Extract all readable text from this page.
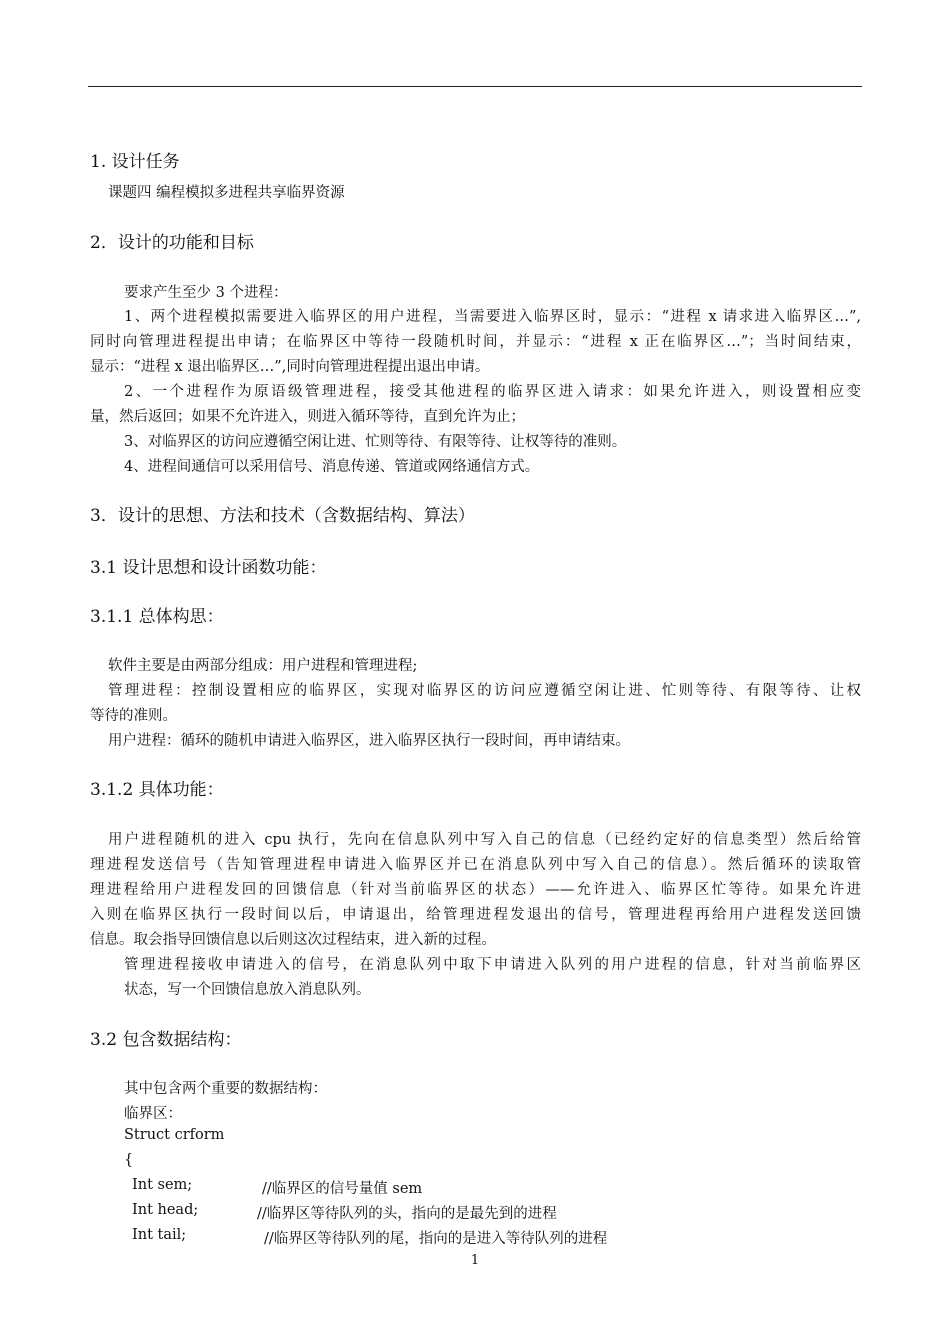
1. 设计任务
课题四 编程模拟多进程共享临界资源
2．设计的功能和目标
要求产生至少 3 个进程：
1、两个进程模拟需要进入临界区的用户进程，当需要进入临界区时，显示：“进程 x 请求进入临界区…”,
同时向管理进程提出申请；在临界区中等待一段随机时间，并显示：“进程 x 正在临界区…”；当时间结束，
显示：“进程 x 退出临界区…”,同时向管理进程提出退出申请。
2、一个进程作为原语级管理进程，接受其他进程的临界区进入请求：如果允许进入，则设置相应变
量，然后返回；如果不允许进入，则进入循环等待，直到允许为止；
3、对临界区的访问应遵循空闲让进、忙则等待、有限等待、让权等待的准则。
4、进程间通信可以采用信号、消息传递、管道或网络通信方式。
3．设计的思想、方法和技术（含数据结构、算法）
3.1 设计思想和设计函数功能：
3.1.1 总体构思：
软件主要是由两部分组成：用户进程和管理进程;
管理进程：控制设置相应的临界区，实现对临界区的访问应遵循空闲让进、忙则等待、有限等待、让权
等待的准则。
用户进程：循环的随机申请进入临界区，进入临界区执行一段时间，再申请结束。
3.1.2 具体功能：
用户进程随机的进入 cpu 执行，先向在信息队列中写入自己的信息（已经约定好的信息类型）然后给管
理进程发送信号（告知管理进程申请进入临界区并已在消息队列中写入自己的信息）。然后循环的读取管
理进程给用户进程发回的回馈信息（针对当前临界区的状态）——允许进入、临界区忙等待。如果允许进
入则在临界区执行一段时间以后，申请退出，给管理进程发退出的信号，管理进程再给用户进程发送回馈
信息。取会指导回馈信息以后则这次过程结束，进入新的过程。
管理进程接收申请进入的信号，在消息队列中取下申请进入队列的用户进程的信息，针对当前临界区
状态，写一个回馈信息放入消息队列。
3.2 包含数据结构：
其中包含两个重要的数据结构：
临界区：
Struct crform
{
Int sem;	//临界区的信号量值 sem
Int head;	//临界区等待队列的头，指向的是最先到的进程
Int tail;	//临界区等待队列的尾，指向的是进入等待队列的进程
1
